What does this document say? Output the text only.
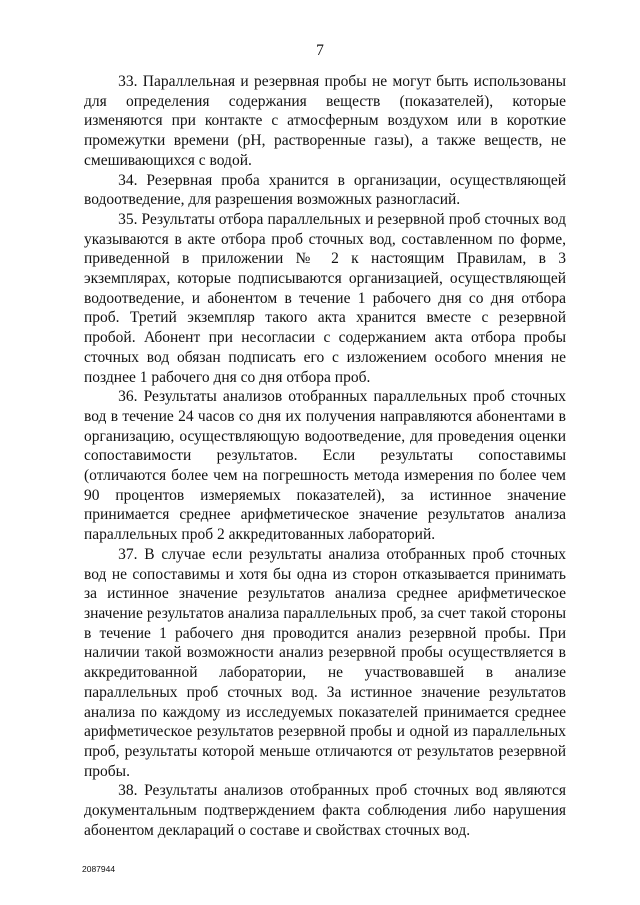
7

33. Параллельная и резервная пробы не могут быть использованы для определения содержания веществ (показателей), которые изменяются при контакте с атмосферным воздухом или в короткие промежутки времени (pH, растворенные газы), а также веществ, не смешивающихся с водой.

34. Резервная проба хранится в организации, осуществляющей водоотведение, для разрешения возможных разногласий.

35. Результаты отбора параллельных и резервной проб сточных вод указываются в акте отбора проб сточных вод, составленном по форме, приведенной в приложении № 2 к настоящим Правилам, в 3 экземплярах, которые подписываются организацией, осуществляющей водоотведение, и абонентом в течение 1 рабочего дня со дня отбора проб. Третий экземпляр такого акта хранится вместе с резервной пробой. Абонент при несогласии с содержанием акта отбора пробы сточных вод обязан подписать его с изложением особого мнения не позднее 1 рабочего дня со дня отбора проб.

36. Результаты анализов отобранных параллельных проб сточных вод в течение 24 часов со дня их получения направляются абонентами в организацию, осуществляющую водоотведение, для проведения оценки сопоставимости результатов. Если результаты сопоставимы (отличаются более чем на погрешность метода измерения по более чем 90 процентов измеряемых показателей), за истинное значение принимается среднее арифметическое значение результатов анализа параллельных проб 2 аккредитованных лабораторий.

37. В случае если результаты анализа отобранных проб сточных вод не сопоставимы и хотя бы одна из сторон отказывается принимать за истинное значение результатов анализа среднее арифметическое значение результатов анализа параллельных проб, за счет такой стороны в течение 1 рабочего дня проводится анализ резервной пробы. При наличии такой возможности анализ резервной пробы осуществляется в аккредитованной лаборатории, не участвовавшей в анализе параллельных проб сточных вод. За истинное значение результатов анализа по каждому из исследуемых показателей принимается среднее арифметическое результатов резервной пробы и одной из параллельных проб, результаты которой меньше отличаются от результатов резервной пробы.

38. Результаты анализов отобранных проб сточных вод являются документальным подтверждением факта соблюдения либо нарушения абонентом деклараций о составе и свойствах сточных вод.

2087944
